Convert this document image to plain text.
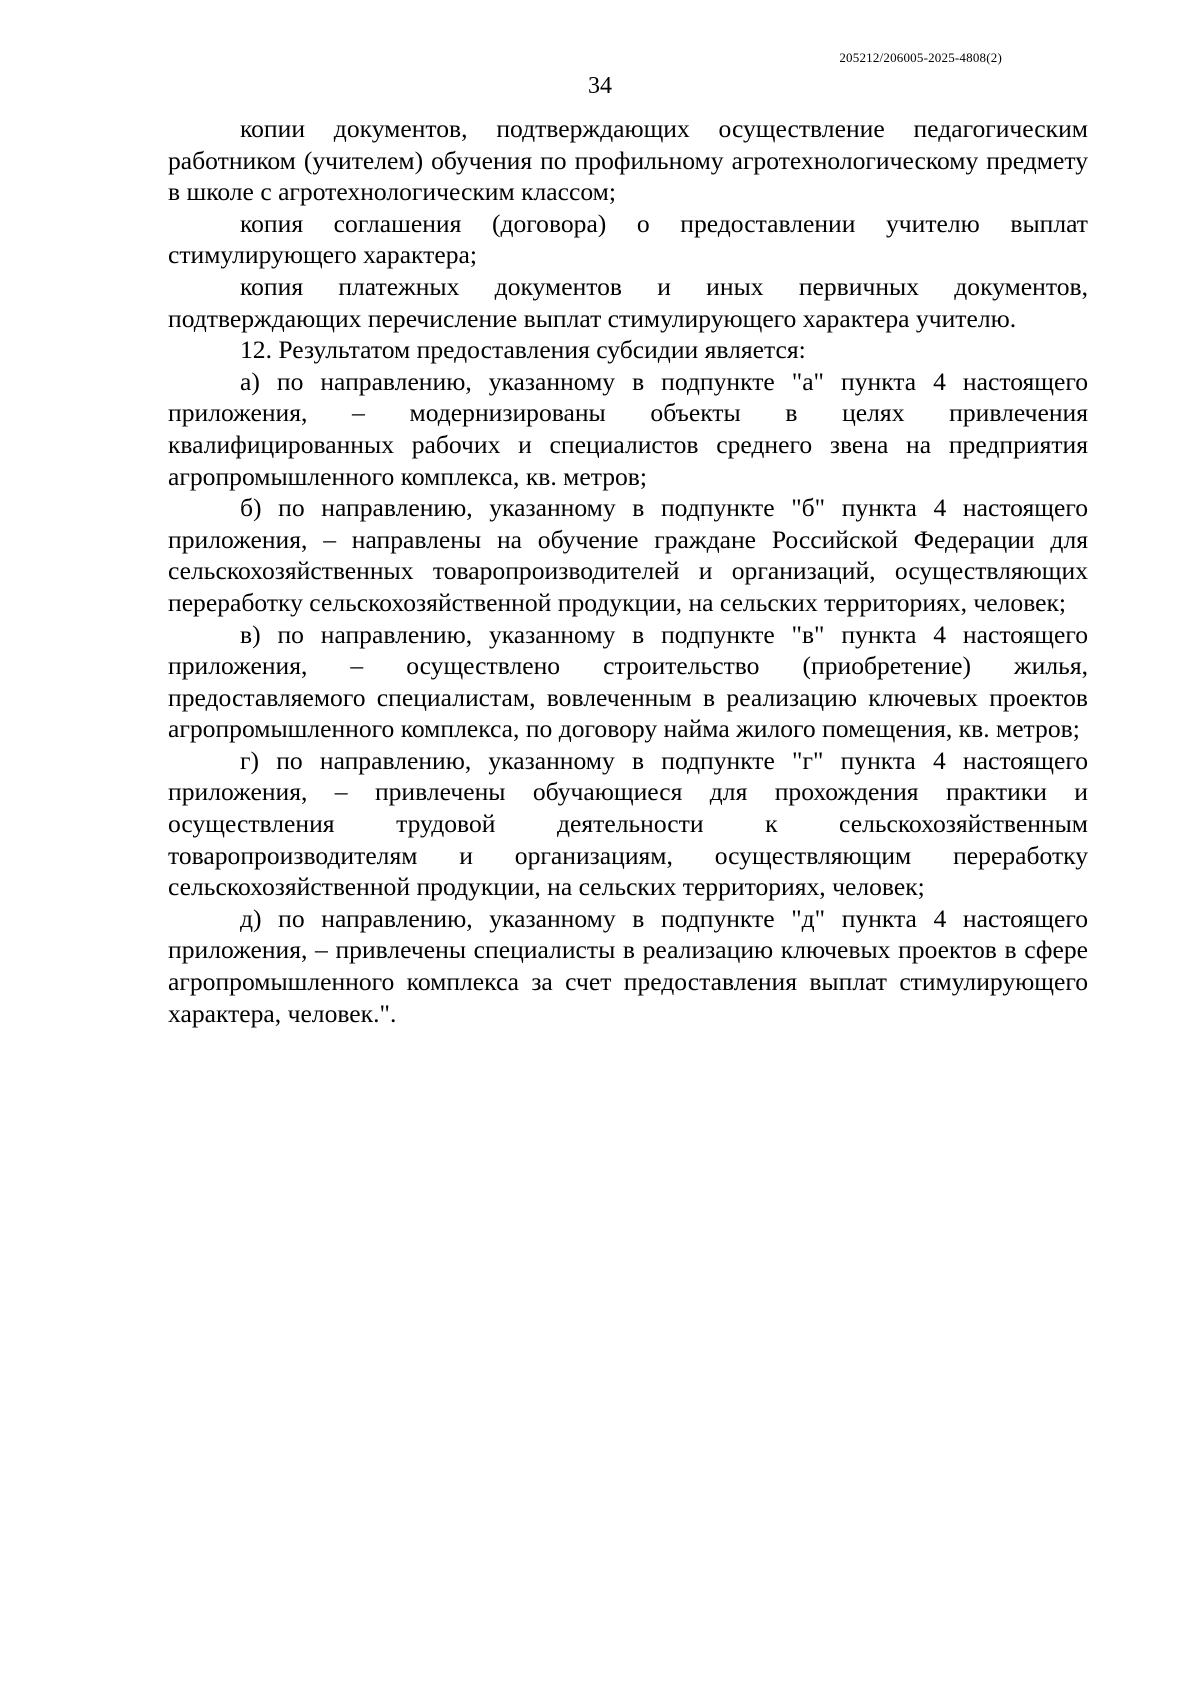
205212/206005-2025-4808(2)
34

копии документов, подтверждающих осуществление педагогическим работником (учителем) обучения по профильному агротехнологическому предмету в школе с агротехнологическим классом;

копия соглашения (договора) о предоставлении учителю выплат стимулирующего характера;

копия платежных документов и иных первичных документов, подтверждающих перечисление выплат стимулирующего характера учителю.

12. Результатом предоставления субсидии является:

а) по направлению, указанному в подпункте "а" пункта 4 настоящего приложения, – модернизированы объекты в целях привлечения квалифицированных рабочих и специалистов среднего звена на предприятия агропромышленного комплекса, кв. метров;

б) по направлению, указанному в подпункте "б" пункта 4 настоящего приложения, – направлены на обучение граждане Российской Федерации для сельскохозяйственных товаропроизводителей и организаций, осуществляющих переработку сельскохозяйственной продукции, на сельских территориях, человек;

в) по направлению, указанному в подпункте "в" пункта 4 настоящего приложения, – осуществлено строительство (приобретение) жилья, предоставляемого специалистам, вовлеченным в реализацию ключевых проектов агропромышленного комплекса, по договору найма жилого помещения, кв. метров;

г) по направлению, указанному в подпункте "г" пункта 4 настоящего приложения, – привлечены обучающиеся для прохождения практики и осуществления трудовой деятельности к сельскохозяйственным товаропроизводителям и организациям, осуществляющим переработку сельскохозяйственной продукции, на сельских территориях, человек;

д) по направлению, указанному в подпункте "д" пункта 4 настоящего приложения, – привлечены специалисты в реализацию ключевых проектов в сфере агропромышленного комплекса за счет предоставления выплат стимулирующего характера, человек.".
